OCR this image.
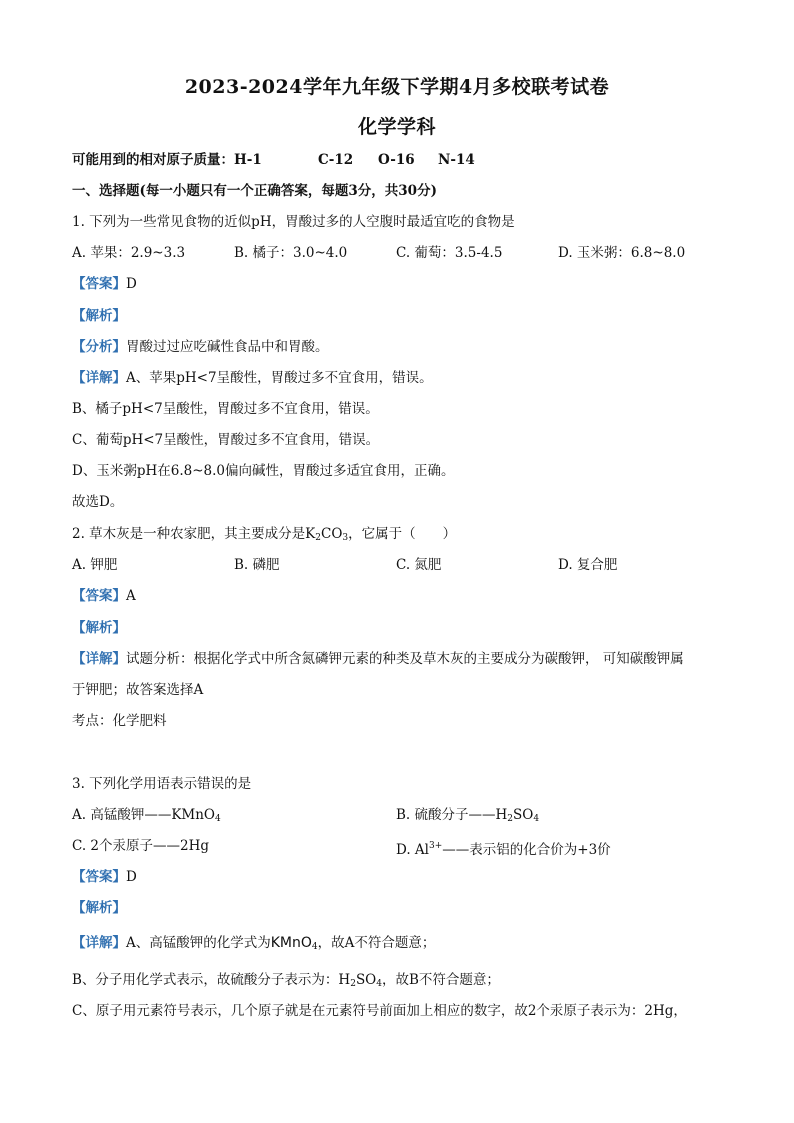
2023-2024学年九年级下学期4月多校联考试卷
化学学科
可能用到的相对原子质量：H-1	C-12 O-16 N-14
一、选择题(每一小题只有一个正确答案，每题3分，共30分)
1. 下列为一些常见食物的近似pH，胃酸过多的人空腹时最适宜吃的食物是
A. 苹果：2.9~3.3	B. 橘子：3.0~4.0	C. 葡萄：3.5-4.5	D. 玉米粥：6.8~8.0
【答案】D
【解析】
【分析】胃酸过过应吃碱性食品中和胃酸。
【详解】A、苹果pH<7呈酸性，胃酸过多不宜食用，错误。
B、橘子pH<7呈酸性，胃酸过多不宜食用，错误。
C、葡萄pH<7呈酸性，胃酸过多不宜食用，错误。
D、玉米粥pH在6.8~8.0偏向碱性，胃酸过多适宜食用，正确。
故选D。
2. 草木灰是一种农家肥，其主要成分是$K_2CO_3$，它属于（　　）
A. 钾肥	B. 磷肥	C. 氮肥	D. 复合肥
【答案】A
【解析】
【详解】试题分析：根据化学式中所含氮磷钾元素的种类及草木灰的主要成分为碳酸钾， 可知碳酸钾属
于钾肥；故答案选择A
考点：化学肥料
3. 下列化学用语表示错误的是
A. 高锰酸钾——KMnO$_4$	B. 硫酸分子$——H_2SO_4$
C. 2个汞原子——2Hg	D. $Al^{3+}——$表示铝的化合价为+3价
【答案】D
【解析】
【详解】A、高锰酸钾的化学式为KMnO$_4$，故A不符合题意；
B、分子用化学式表示，故硫酸分子表示为：$H_2SO_4$，故B不符合题意；
C、原子用元素符号表示，几个原子就是在元素符号前面加上相应的数字，故2个汞原子表示为：2Hg，
